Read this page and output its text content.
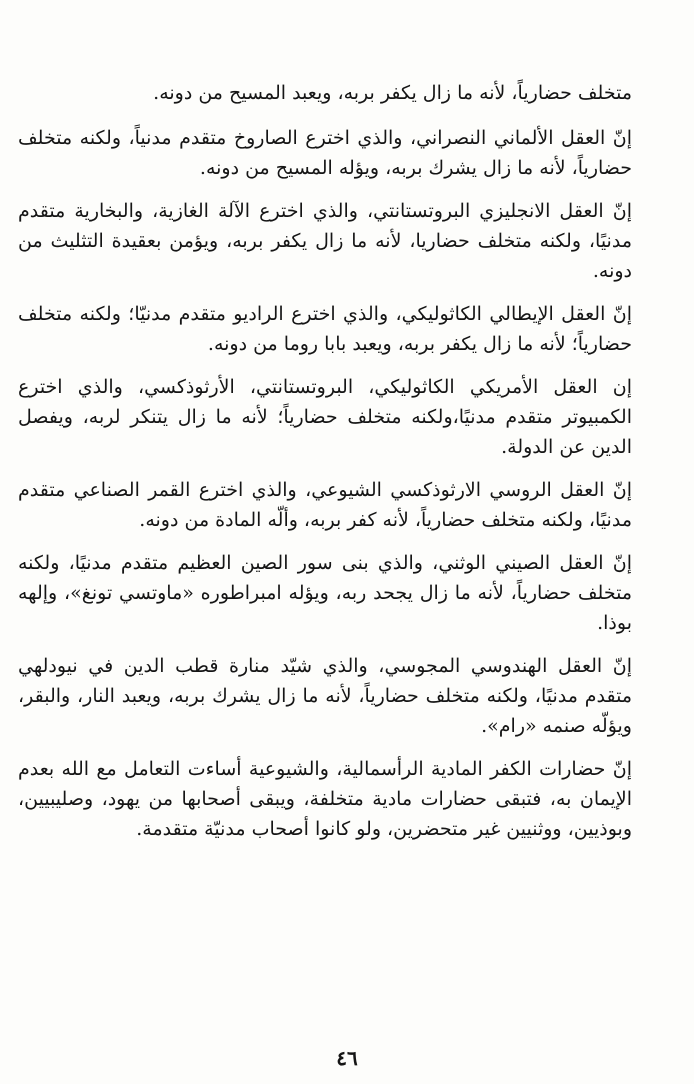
متخلف حضارياً، لأنه ما زال يكفر بربه، ويعبد المسيح من دونه.

إنّ العقل الألماني النصراني، والذي اخترع الصاروخ متقدم مدنياً، ولكنه متخلف حضارياً، لأنه ما زال يشرك بربه، ويؤله المسيح من دونه.

إنّ العقل الانجليزي البروتستانتي، والذي اخترع الآلة الغازية، والبخارية متقدم مدنيًا، ولكنه متخلف حضاريا، لأنه ما زال يكفر بربه، ويؤمن بعقيدة التثليث من دونه.

إنّ العقل الإيطالي الكاثوليكي، والذي اخترع الراديو متقدم مدنيّا؛ ولكنه متخلف حضارياً؛ لأنه ما زال يكفر بربه، ويعبد بابا روما من دونه.

إن العقل الأمريكي الكاثوليكي، البروتستانتي، الأرثوذكسي، والذي اخترع الكمبيوتر متقدم مدنيًا،ولكنه متخلف حضارياً؛ لأنه ما زال يتنكر لربه، ويفصل الدين عن الدولة.

إنّ العقل الروسي الارثوذكسي الشيوعي، والذي اخترع القمر الصناعي متقدم مدنيًا، ولكنه متخلف حضارياً، لأنه كفر بربه، وألّه المادة من دونه.

إنّ العقل الصيني الوثني، والذي بنى سور الصين العظيم متقدم مدنيًا، ولكنه متخلف حضارياً، لأنه ما زال يجحد ربه، ويؤله امبراطوره «ماوتسي تونغ»، وإلهه بوذا.

إنّ العقل الهندوسي المجوسي، والذي شيّد منارة قطب الدين في نيودلهي متقدم مدنيًا، ولكنه متخلف حضارياً، لأنه ما زال يشرك بربه، ويعبد النار، والبقر، ويؤلّه صنمه «رام».

إنّ حضارات الكفر المادية الرأسمالية، والشيوعية أساءت التعامل مع الله بعدم الإيمان به، فتبقى حضارات مادية متخلفة، ويبقى أصحابها من يهود، وصليبيين، وبوذيين، ووثنيين غير متحضرين، ولو كانوا أصحاب مدنيّة متقدمة.

٤٦
